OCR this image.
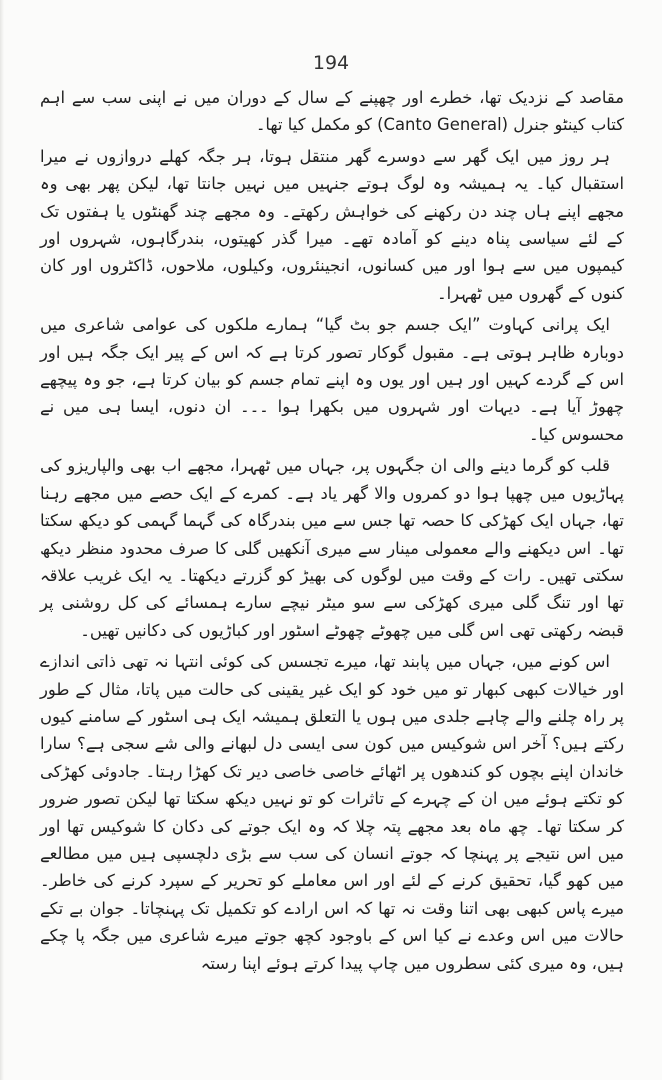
194

مقاصد کے نزدیک تھا، خطرے اور چھپنے کے سال کے دوران میں نے اپنی سب سے اہم کتاب کینٹو جنرل (Canto General) کو مکمل کیا تھا۔

ہر روز میں ایک گھر سے دوسرے گھر منتقل ہوتا، ہر جگہ کھلے دروازوں نے میرا استقبال کیا۔ یہ ہمیشہ وہ لوگ ہوتے جنہیں میں نہیں جانتا تھا، لیکن پھر بھی وہ مجھے اپنے ہاں چند دن رکھنے کی خواہش رکھتے۔ وہ مجھے چند گھنٹوں یا ہفتوں تک کے لئے سیاسی پناہ دینے کو آمادہ تھے۔ میرا گذر کھیتوں، بندرگاہوں، شہروں اور کیمپوں میں سے ہوا اور میں کسانوں، انجینئروں، وکیلوں، ملاحوں، ڈاکٹروں اور کان کنوں کے گھروں میں ٹھہرا۔

ایک پرانی کہاوت ”ایک جسم جو بٹ گیا“ ہمارے ملکوں کی عوامی شاعری میں دوبارہ ظاہر ہوتی ہے۔ مقبول گوکار تصور کرتا ہے کہ اس کے پیر ایک جگہ ہیں اور اس کے گردے کہیں اور ہیں اور یوں وہ اپنے تمام جسم کو بیان کرتا ہے، جو وہ پیچھے چھوڑ آیا ہے۔ دیہات اور شہروں میں بکھرا ہوا ۔۔۔ ان دنوں، ایسا ہی میں نے محسوس کیا۔

قلب کو گرما دینے والی ان جگہوں پر، جہاں میں ٹھہرا، مجھے اب بھی والپاریزو کی پہاڑیوں میں چھپا ہوا دو کمروں والا گھر یاد ہے۔ کمرے کے ایک حصے میں مجھے رہنا تھا، جہاں ایک کھڑکی کا حصہ تھا جس سے میں بندرگاہ کی گہما گہمی کو دیکھ سکتا تھا۔ اس دیکھنے والے معمولی مینار سے میری آنکھیں گلی کا صرف محدود منظر دیکھ سکتی تھیں۔ رات کے وقت میں لوگوں کی بھیڑ کو گزرتے دیکھتا۔ یہ ایک غریب علاقہ تھا اور تنگ گلی میری کھڑکی سے سو میٹر نیچے سارے ہمسائے کی کل روشنی پر قبضہ رکھتی تھی اس گلی میں چھوٹے چھوٹے اسٹور اور کباڑیوں کی دکانیں تھیں۔

اس کونے میں، جہاں میں پابند تھا، میرے تجسس کی کوئی انتہا نہ تھی ذاتی اندازے اور خیالات کبھی کبھار تو میں خود کو ایک غیر یقینی کی حالت میں پاتا، مثال کے طور پر راہ چلنے والے چاہے جلدی میں ہوں یا التعلق ہمیشہ ایک ہی اسٹور کے سامنے کیوں رکتے ہیں؟ آخر اس شوکیس میں کون سی ایسی دل لبھانے والی شے سجی ہے؟ سارا خاندان اپنے بچوں کو کندھوں پر اٹھائے خاصی خاصی دیر تک کھڑا رہتا۔ جادوئی کھڑکی کو تکتے ہوئے میں ان کے چہرے کے تاثرات کو تو نہیں دیکھ سکتا تھا لیکن تصور ضرور کر سکتا تھا۔ چھ ماہ بعد مجھے پتہ چلا کہ وہ ایک جوتے کی دکان کا شوکیس تھا اور میں اس نتیجے پر پہنچا کہ جوتے انسان کی سب سے بڑی دلچسپی ہیں میں مطالعے میں کھو گیا، تحقیق کرنے کے لئے اور اس معاملے کو تحریر کے سپرد کرنے کی خاطر۔ میرے پاس کبھی بھی اتنا وقت نہ تھا کہ اس ارادے کو تکمیل تک پہنچاتا۔ جوان بے تکے حالات میں اس وعدے نے کیا اس کے باوجود کچھ جوتے میرے شاعری میں جگہ پا چکے ہیں، وہ میری کئی سطروں میں چاپ پیدا کرتے ہوئے اپنا رستہ
